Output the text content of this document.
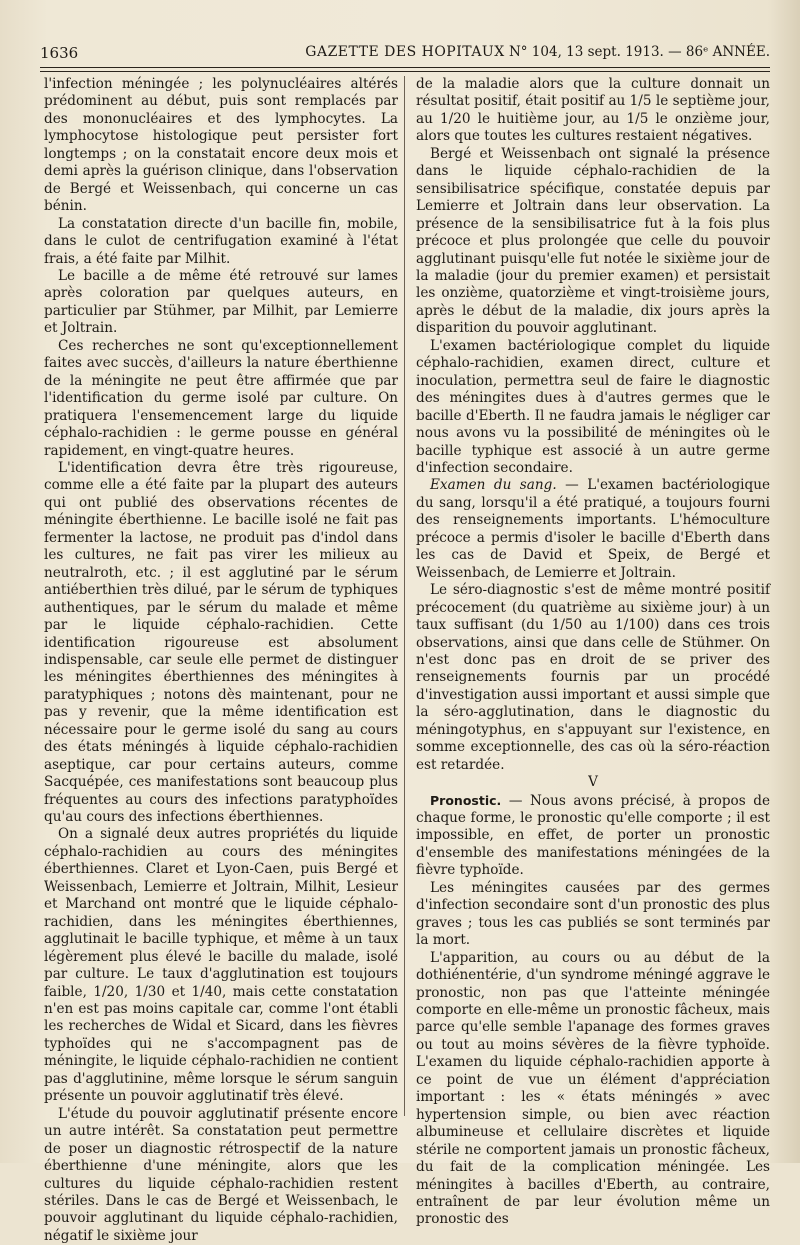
1636	GAZETTE DES HOPITAUX N° 104, 13 sept. 1913. — 86ᵉ ANNÉE.

l'infection méningée ; les polynucléaires altérés prédominent au début, puis sont remplacés par des mononucléaires et des lymphocytes. La lymphocytose histologique peut persister fort longtemps ; on la constatait encore deux mois et demi après la guérison clinique, dans l'observation de Bergé et Weissenbach, qui concerne un cas bénin.

La constatation directe d'un bacille fin, mobile, dans le culot de centrifugation examiné à l'état frais, a été faite par Milhit.

Le bacille a de même été retrouvé sur lames après coloration par quelques auteurs, en particulier par Stühmer, par Milhit, par Lemierre et Joltrain.

Ces recherches ne sont qu'exceptionnellement faites avec succès, d'ailleurs la nature éberthienne de la méningite ne peut être affirmée que par l'identification du germe isolé par culture. On pratiquera l'ensemencement large du liquide céphalo-rachidien : le germe pousse en général rapidement, en vingt-quatre heures.

L'identification devra être très rigoureuse, comme elle a été faite par la plupart des auteurs qui ont publié des observations récentes de méningite éberthienne. Le bacille isolé ne fait pas fermenter la lactose, ne produit pas d'indol dans les cultures, ne fait pas virer les milieux au neutralroth, etc. ; il est agglutiné par le sérum antiéberthien très dilué, par le sérum de typhiques authentiques, par le sérum du malade et même par le liquide céphalo-rachidien. Cette identification rigoureuse est absolument indispensable, car seule elle permet de distinguer les méningites éberthiennes des méningites à paratyphiques ; notons dès maintenant, pour ne pas y revenir, que la même identification est nécessaire pour le germe isolé du sang au cours des états méningés à liquide céphalo-rachidien aseptique, car pour certains auteurs, comme Sacquépée, ces manifestations sont beaucoup plus fréquentes au cours des infections paratyphoïdes qu'au cours des infections éberthiennes.

On a signalé deux autres propriétés du liquide céphalo-rachidien au cours des méningites éberthiennes. Claret et Lyon-Caen, puis Bergé et Weissenbach, Lemierre et Joltrain, Milhit, Lesieur et Marchand ont montré que le liquide céphalo-rachidien, dans les méningites éberthiennes, agglutinait le bacille typhique, et même à un taux légèrement plus élevé le bacille du malade, isolé par culture. Le taux d'agglutination est toujours faible, 1/20, 1/30 et 1/40, mais cette constatation n'en est pas moins capitale car, comme l'ont établi les recherches de Widal et Sicard, dans les fièvres typhoïdes qui ne s'accompagnent pas de méningite, le liquide céphalo-rachidien ne contient pas d'agglutinine, même lorsque le sérum sanguin présente un pouvoir agglutinatif très élevé.

L'étude du pouvoir agglutinatif présente encore un autre intérêt. Sa constatation peut permettre de poser un diagnostic rétrospectif de la nature éberthienne d'une méningite, alors que les cultures du liquide céphalo-rachidien restent stériles. Dans le cas de Bergé et Weissenbach, le pouvoir agglutinant du liquide céphalo-rachidien, négatif le sixième jour

de la maladie alors que la culture donnait un résultat positif, était positif au 1/5 le septième jour, au 1/20 le huitième jour, au 1/5 le onzième jour, alors que toutes les cultures restaient négatives.

Bergé et Weissenbach ont signalé la présence dans le liquide céphalo-rachidien de la sensibilisatrice spécifique, constatée depuis par Lemierre et Joltrain dans leur observation. La présence de la sensibilisatrice fut à la fois plus précoce et plus prolongée que celle du pouvoir agglutinant puisqu'elle fut notée le sixième jour de la maladie (jour du premier examen) et persistait les onzième, quatorzième et vingt-troisième jours, après le début de la maladie, dix jours après la disparition du pouvoir agglutinant.

L'examen bactériologique complet du liquide céphalo-rachidien, examen direct, culture et inoculation, permettra seul de faire le diagnostic des méningites dues à d'autres germes que le bacille d'Eberth. Il ne faudra jamais le négliger car nous avons vu la possibilité de méningites où le bacille typhique est associé à un autre germe d'infection secondaire.

Examen du sang. — L'examen bactériologique du sang, lorsqu'il a été pratiqué, a toujours fourni des renseignements importants. L'hémoculture précoce a permis d'isoler le bacille d'Eberth dans les cas de David et Speix, de Bergé et Weissenbach, de Lemierre et Joltrain.

Le séro-diagnostic s'est de même montré positif précocement (du quatrième au sixième jour) à un taux suffisant (du 1/50 au 1/100) dans ces trois observations, ainsi que dans celle de Stühmer. On n'est donc pas en droit de se priver des renseignements fournis par un procédé d'investigation aussi important et aussi simple que la séro-agglutination, dans le diagnostic du méningotyphus, en s'appuyant sur l'existence, en somme exceptionnelle, des cas où la séro-réaction est retardée.

V

Pronostic. — Nous avons précisé, à propos de chaque forme, le pronostic qu'elle comporte ; il est impossible, en effet, de porter un pronostic d'ensemble des manifestations méningées de la fièvre typhoïde.

Les méningites causées par des germes d'infection secondaire sont d'un pronostic des plus graves ; tous les cas publiés se sont terminés par la mort.

L'apparition, au cours ou au début de la dothiénentérie, d'un syndrome méningé aggrave le pronostic, non pas que l'atteinte méningée comporte en elle-même un pronostic fâcheux, mais parce qu'elle semble l'apanage des formes graves ou tout au moins sévères de la fièvre typhoïde. L'examen du liquide céphalo-rachidien apporte à ce point de vue un élément d'appréciation important : les « états méningés » avec hypertension simple, ou bien avec réaction albumineuse et cellulaire discrètes et liquide stérile ne comportent jamais un pronostic fâcheux, du fait de la complication méningée. Les méningites à bacilles d'Eberth, au contraire, entraînent de par leur évolution même un pronostic des
